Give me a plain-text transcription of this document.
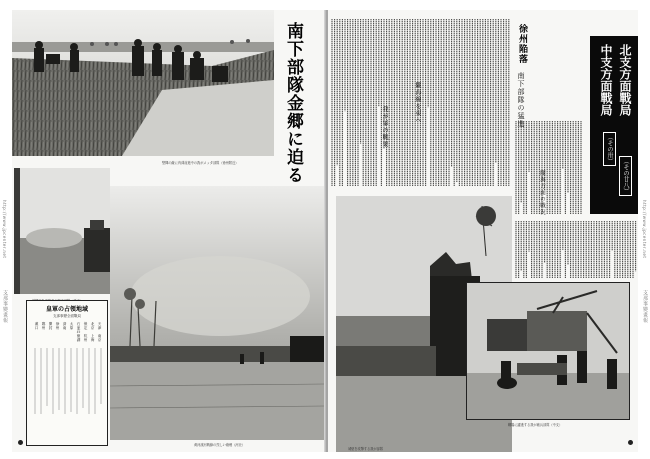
堅陣の敵に肉薄前進中の我がメッタ部隊（徐州附近）	南下部隊金郷に迫る
黄河渡河戦線の烈しい砲煙（河北）
皇軍の占領地域
支那事變全面戰局
天津
北京
保定
石家荘
太原
済南
徐州
開封
鄭州
漢口
南京
上海
杭州
蕪湖
徐州陥落
南下部隊の猛進
隴海線を東へ
我が軍の戰果
北支方面戰局
中支方面戰局
（その卅）
（その廿八）
隴海方面の戰況
城壁を攻撃する我が部隊
戰場に躍進する我が砲兵部隊（中支）
http://www.jpcenter.net
支那事變畫報
http://www.jpcenter.net
支那事變畫報
